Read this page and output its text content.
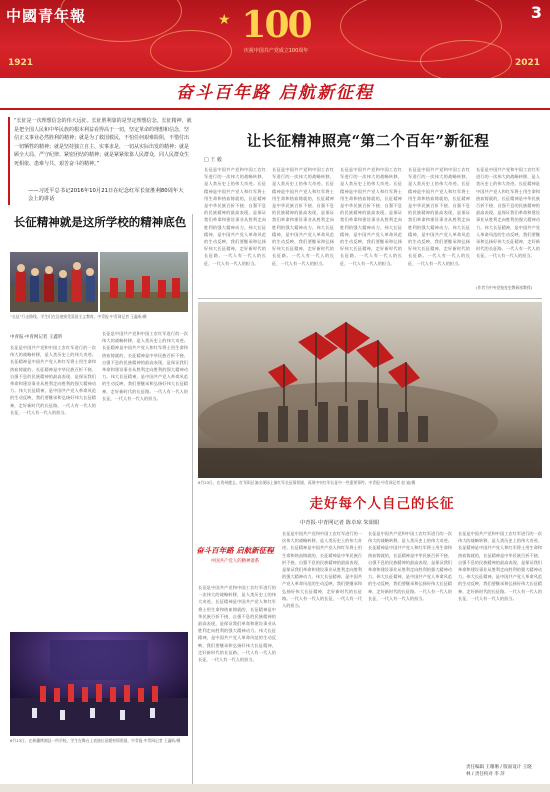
中國青年報	3
1921	2021
★ 100
庆祝中国共产党成立100周年
奋斗百年路 启航新征程
“长征是一次理想信念的伟大远征。长征胜利靠的是坚定理想信念。长征精神，就是把全国人民和中华民族的根本利益看得高于一切，坚定革命的理想和信念，坚信正义事业必然胜利的精神；就是为了救国救民，不怕任何艰难险阻，不惜付出一切牺牲的精神；就是坚持独立自主、实事求是，一切从实际出发的精神；就是顾全大局、严守纪律、紧密团结的精神；就是紧紧依靠人民群众，同人民群众生死相依、患难与共、艰苦奋斗的精神。”
——习近平总书记2016年10月21日在纪念红军长征胜利80周年大会上的讲话
让长征精神照亮“第二个百年”新征程
□ 王 毅
长征是中国共产党和中国工农红军进行的一次伟大的战略转移，是人类历史上的伟大奇迹。长征精神是中国共产党人和红军将士用生命和热血铸就的，长征精神是中华民族百折不挠、自强不息的民族精神的最高表现，是保证我们革命和建设事业从胜利走向胜利的强大精神动力。伟大长征精神，是中国共产党人革命风范的生动反映，我们要继承和弘扬好伟大长征精神，走好新时代的长征路。一代人有一代人的长征，一代人有一代人的担当。
长征是中国共产党和中国工农红军进行的一次伟大的战略转移，是人类历史上的伟大奇迹。长征精神是中国共产党人和红军将士用生命和热血铸就的，长征精神是中华民族百折不挠、自强不息的民族精神的最高表现，是保证我们革命和建设事业从胜利走向胜利的强大精神动力。伟大长征精神，是中国共产党人革命风范的生动反映，我们要继承和弘扬好伟大长征精神，走好新时代的长征路。一代人有一代人的长征，一代人有一代人的担当。
长征是中国共产党和中国工农红军进行的一次伟大的战略转移，是人类历史上的伟大奇迹。长征精神是中国共产党人和红军将士用生命和热血铸就的，长征精神是中华民族百折不挠、自强不息的民族精神的最高表现，是保证我们革命和建设事业从胜利走向胜利的强大精神动力。伟大长征精神，是中国共产党人革命风范的生动反映，我们要继承和弘扬好伟大长征精神，走好新时代的长征路。一代人有一代人的长征，一代人有一代人的担当。
长征是中国共产党和中国工农红军进行的一次伟大的战略转移，是人类历史上的伟大奇迹。长征精神是中国共产党人和红军将士用生命和热血铸就的，长征精神是中华民族百折不挠、自强不息的民族精神的最高表现，是保证我们革命和建设事业从胜利走向胜利的强大精神动力。伟大长征精神，是中国共产党人革命风范的生动反映，我们要继承和弘扬好伟大长征精神，走好新时代的长征路。一代人有一代人的长征，一代人有一代人的担当。
长征是中国共产党和中国工农红军进行的一次伟大的战略转移，是人类历史上的伟大奇迹。长征精神是中国共产党人和红军将士用生命和热血铸就的，长征精神是中华民族百折不挠、自强不息的民族精神的最高表现，是保证我们革命和建设事业从胜利走向胜利的强大精神动力。伟大长征精神，是中国共产党人革命风范的生动反映，我们要继承和弘扬好伟大长征精神，走好新时代的长征路。一代人有一代人的长征，一代人有一代人的担当。
(作者为中央党校党史教研部教授)
长征精神就是这所学校的精神底色
“长征”行走路线，学生们在沿途接受爱国主义教育。中青报·中青网记者 王鑫昕/摄
中青报·中青网记者 王鑫昕
长征是中国共产党和中国工农红军进行的一次伟大的战略转移，是人类历史上的伟大奇迹。长征精神是中国共产党人和红军将士用生命和热血铸就的，长征精神是中华民族百折不挠、自强不息的民族精神的最高表现，是保证我们革命和建设事业从胜利走向胜利的强大精神动力。伟大长征精神，是中国共产党人革命风范的生动反映，我们要继承和弘扬好伟大长征精神，走好新时代的长征路。一代人有一代人的长征，一代人有一代人的担当。
长征是中国共产党和中国工农红军进行的一次伟大的战略转移，是人类历史上的伟大奇迹。长征精神是中国共产党人和红军将士用生命和热血铸就的，长征精神是中华民族百折不挠、自强不息的民族精神的最高表现，是保证我们革命和建设事业从胜利走向胜利的强大精神动力。伟大长征精神，是中国共产党人革命风范的生动反映，我们要继承和弘扬好伟大长征精神，走好新时代的长征路。一代人有一代人的长征，一代人有一代人的担当。
6月13日，在新疆博湖县一所学校，学生在舞台上表演长征题材情景剧。中青报·中青网记者 王鑫昕/摄
6月23日，在贵州遵义，红军街区演出现场上演红军长征情景剧，再现中央红军长征中一些重要事件。中青报·中青网记者 赵 迪/摄
走好每个人自己的长征
中青报·中青网记者 陈卓琼 朱娟娟
奋斗百年路 启航新征程
中国共产党人的精神谱系
长征是中国共产党和中国工农红军进行的一次伟大的战略转移，是人类历史上的伟大奇迹。长征精神是中国共产党人和红军将士用生命和热血铸就的，长征精神是中华民族百折不挠、自强不息的民族精神的最高表现，是保证我们革命和建设事业从胜利走向胜利的强大精神动力。伟大长征精神，是中国共产党人革命风范的生动反映，我们要继承和弘扬好伟大长征精神，走好新时代的长征路。一代人有一代人的长征，一代人有一代人的担当。
长征是中国共产党和中国工农红军进行的一次伟大的战略转移，是人类历史上的伟大奇迹。长征精神是中国共产党人和红军将士用生命和热血铸就的，长征精神是中华民族百折不挠、自强不息的民族精神的最高表现，是保证我们革命和建设事业从胜利走向胜利的强大精神动力。伟大长征精神，是中国共产党人革命风范的生动反映，我们要继承和弘扬好伟大长征精神，走好新时代的长征路。一代人有一代人的长征，一代人有一代人的担当。
长征是中国共产党和中国工农红军进行的一次伟大的战略转移，是人类历史上的伟大奇迹。长征精神是中国共产党人和红军将士用生命和热血铸就的，长征精神是中华民族百折不挠、自强不息的民族精神的最高表现，是保证我们革命和建设事业从胜利走向胜利的强大精神动力。伟大长征精神，是中国共产党人革命风范的生动反映，我们要继承和弘扬好伟大长征精神，走好新时代的长征路。一代人有一代人的长征，一代人有一代人的担当。
长征是中国共产党和中国工农红军进行的一次伟大的战略转移，是人类历史上的伟大奇迹。长征精神是中国共产党人和红军将士用生命和热血铸就的，长征精神是中华民族百折不挠、自强不息的民族精神的最高表现，是保证我们革命和建设事业从胜利走向胜利的强大精神动力。伟大长征精神，是中国共产党人革命风范的生动反映，我们要继承和弘扬好伟大长征精神，走好新时代的长征路。一代人有一代人的长征，一代人有一代人的担当。
责任编辑 王珊珊 / 版面设计 王晓林 / 责任校对 李 萍
